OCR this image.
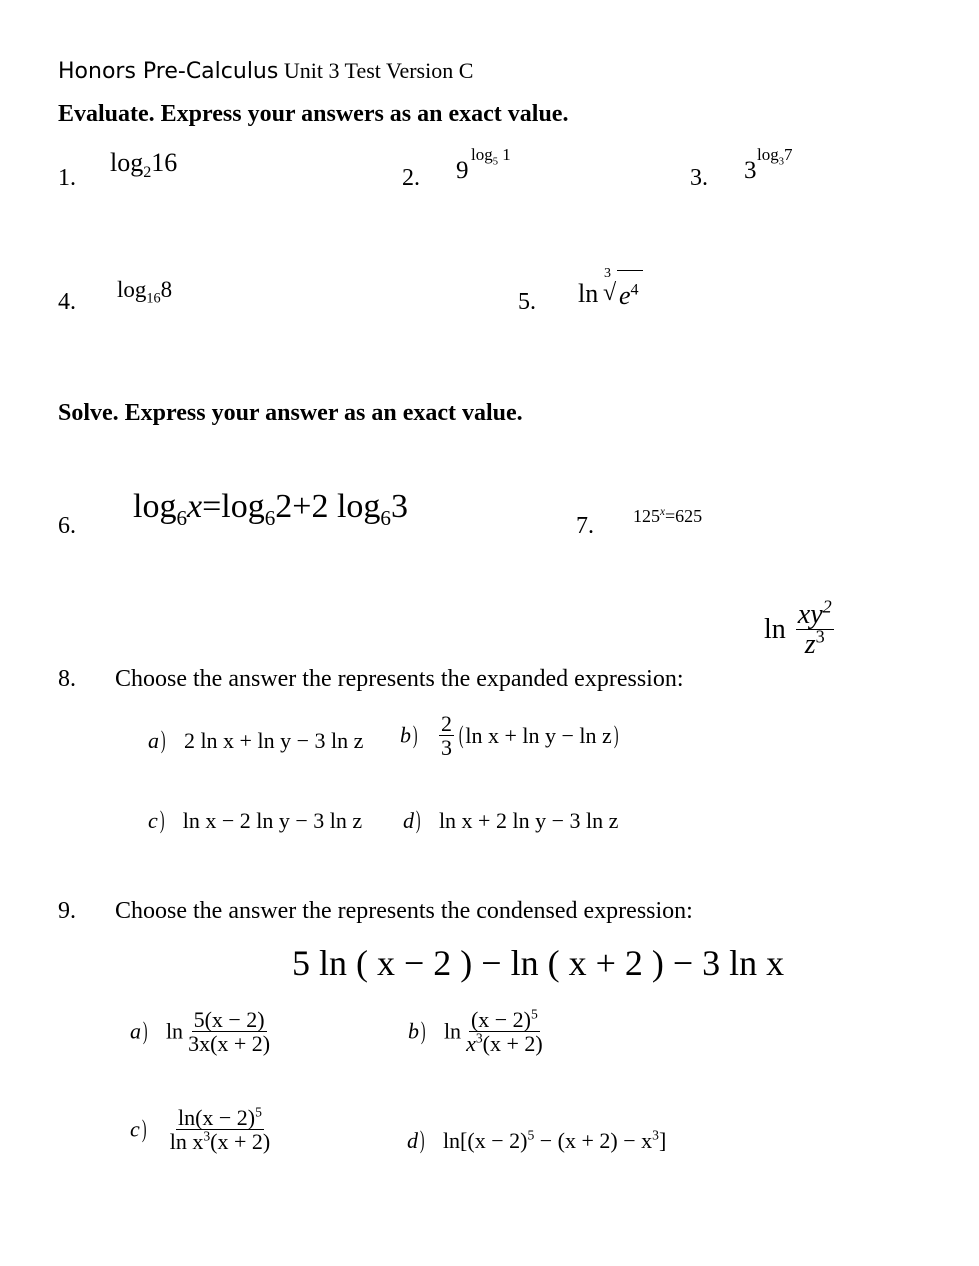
Honors Pre-Calculus Unit 3 Test Version C
Evaluate. Express your answers as an exact value.
1.
$\log_216$
2. 9
$\log_5 1$
3. 3
$\log_37$
4. $\log_{16}8$	5. ln
3
√ $e^4$
Solve. Express your answer as an exact value.
6.
$\log_6x=\log_62+2$ $\log_63$
7. $125^x=625$
8. Choose the answer the represents the expanded expression:
$\ln \frac{xy^2}{z^3}$
a) 2 ln x + ln y − 3 ln z $b) \frac{2}{3} (\ln$ x + ln y − ln z)
c) ln x − 2 ln y − 3 ln z d) ln x + 2 ln y − 3 ln z
9. Choose the answer the represents the condensed expression:
5 ln ( x − 2 ) − ln ( x + 2 ) − 3 ln x
a) $\ln \frac{5(x - 2)}{3x(x + 2)}$	b) $\ln \frac{(x - 2)^5}{x^3(x + 2)}$
$c) \frac{\ln(x - 2)^5}{\ln x^3(x + 2)}$	d) $\ln[(x - 2)^5 - (x + 2) - x^3]$
